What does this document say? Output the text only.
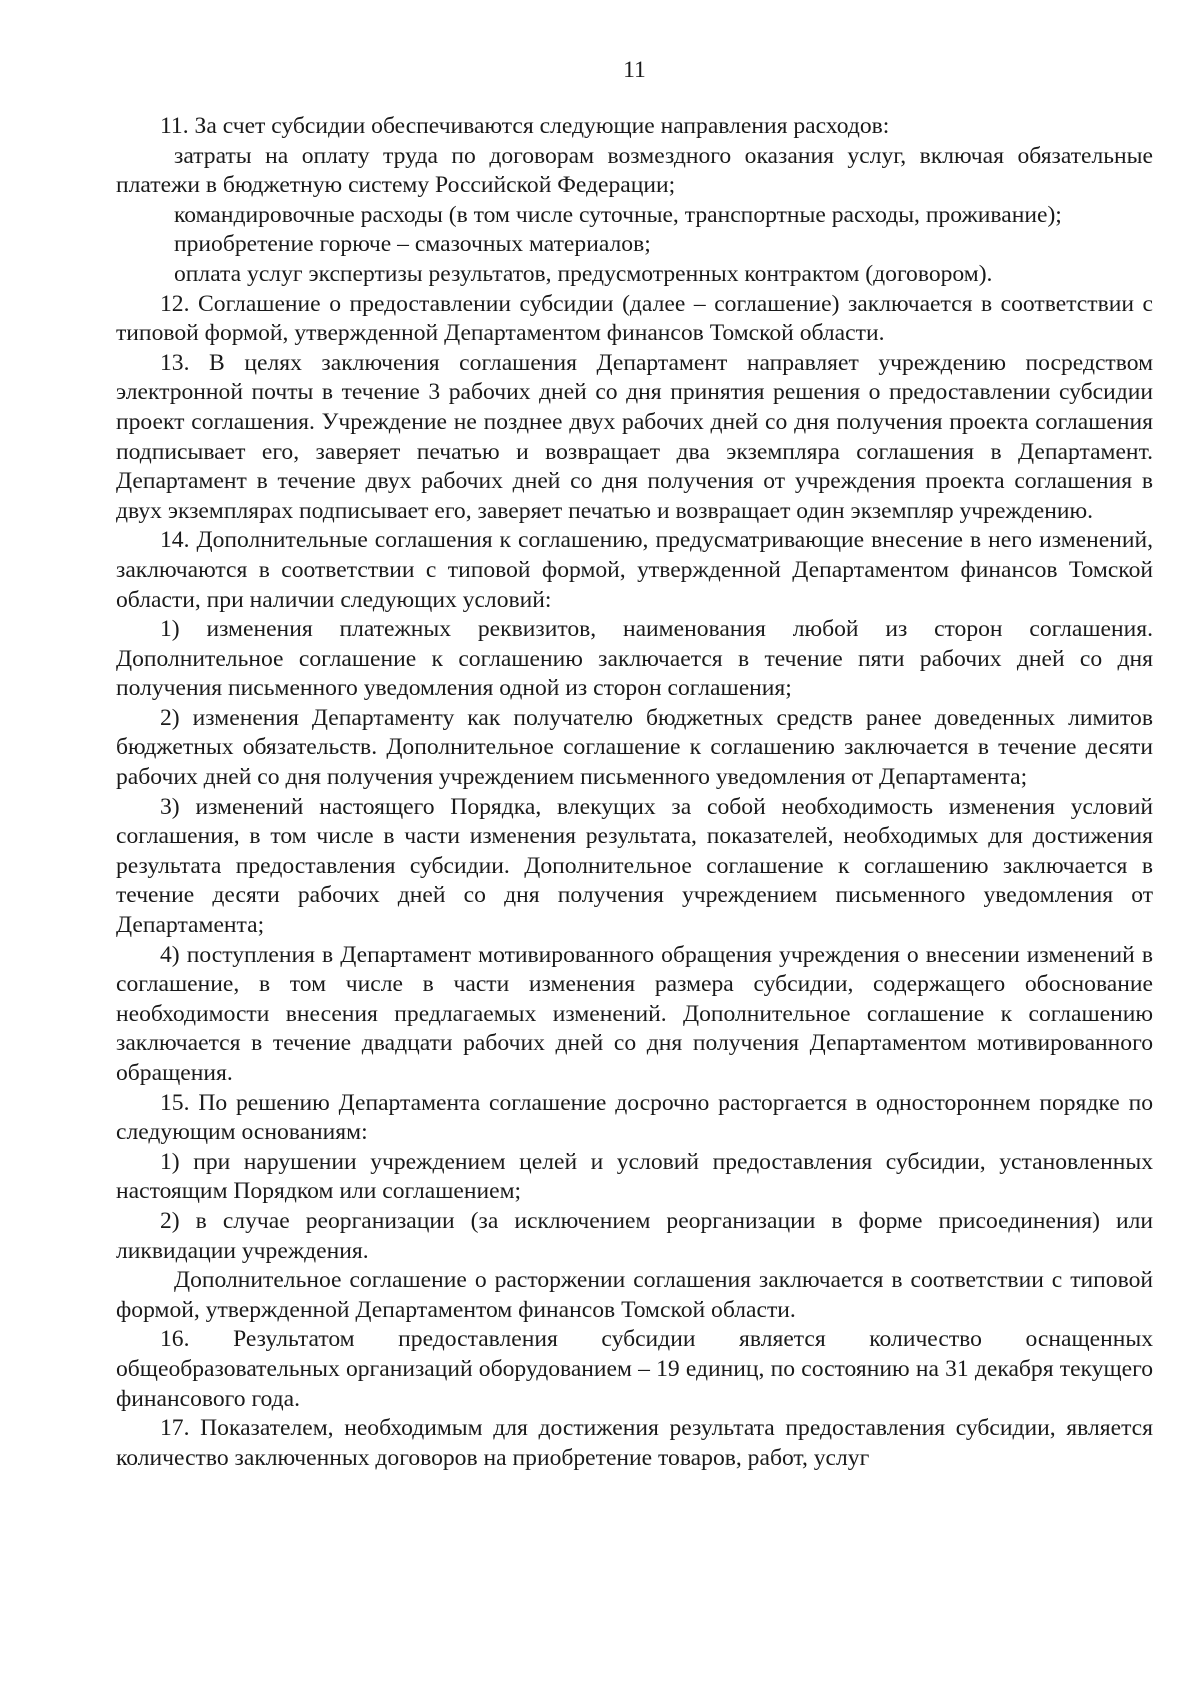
11

11. За счет субсидии обеспечиваются следующие направления расходов:

затраты на оплату труда по договорам возмездного оказания услуг, включая обязательные платежи в бюджетную систему Российской Федерации;

командировочные расходы (в том числе суточные, транспортные расходы, проживание);

приобретение горюче – смазочных материалов;

оплата услуг экспертизы результатов, предусмотренных контрактом (договором).

12. Соглашение о предоставлении субсидии (далее – соглашение) заключается в соответствии с типовой формой, утвержденной Департаментом финансов Томской области.

13. В целях заключения соглашения Департамент направляет учреждению посредством электронной почты в течение 3 рабочих дней со дня принятия решения о предоставлении субсидии проект соглашения. Учреждение не позднее двух рабочих дней со дня получения проекта соглашения подписывает его, заверяет печатью и возвращает два экземпляра соглашения в Департамент. Департамент в течение двух рабочих дней со дня получения от учреждения проекта соглашения в двух экземплярах подписывает его, заверяет печатью и возвращает один экземпляр учреждению.

14. Дополнительные соглашения к соглашению, предусматривающие внесение в него изменений, заключаются в соответствии с типовой формой, утвержденной Департаментом финансов Томской области, при наличии следующих условий:

1) изменения платежных реквизитов, наименования любой из сторон соглашения. Дополнительное соглашение к соглашению заключается в течение пяти рабочих дней со дня получения письменного уведомления одной из сторон соглашения;

2) изменения Департаменту как получателю бюджетных средств ранее доведенных лимитов бюджетных обязательств. Дополнительное соглашение к соглашению заключается в течение десяти рабочих дней со дня получения учреждением письменного уведомления от Департамента;

3) изменений настоящего Порядка, влекущих за собой необходимость изменения условий соглашения, в том числе в части изменения результата, показателей, необходимых для достижения результата предоставления субсидии. Дополнительное соглашение к соглашению заключается в течение десяти рабочих дней со дня получения учреждением письменного уведомления от Департамента;

4) поступления в Департамент мотивированного обращения учреждения о внесении изменений в соглашение, в том числе в части изменения размера субсидии, содержащего обоснование необходимости внесения предлагаемых изменений. Дополнительное соглашение к соглашению заключается в течение двадцати рабочих дней со дня получения Департаментом мотивированного обращения.

15. По решению Департамента соглашение досрочно расторгается в одностороннем порядке по следующим основаниям:

1) при нарушении учреждением целей и условий предоставления субсидии, установленных настоящим Порядком или соглашением;

2) в случае реорганизации (за исключением реорганизации в форме присоединения) или ликвидации учреждения.

Дополнительное соглашение о расторжении соглашения заключается в соответствии с типовой формой, утвержденной Департаментом финансов Томской области.

16. Результатом предоставления субсидии является количество оснащенных общеобразовательных организаций оборудованием – 19 единиц, по состоянию на 31 декабря текущего финансового года.

17. Показателем, необходимым для достижения результата предоставления субсидии, является количество заключенных договоров на приобретение товаров, работ, услуг
